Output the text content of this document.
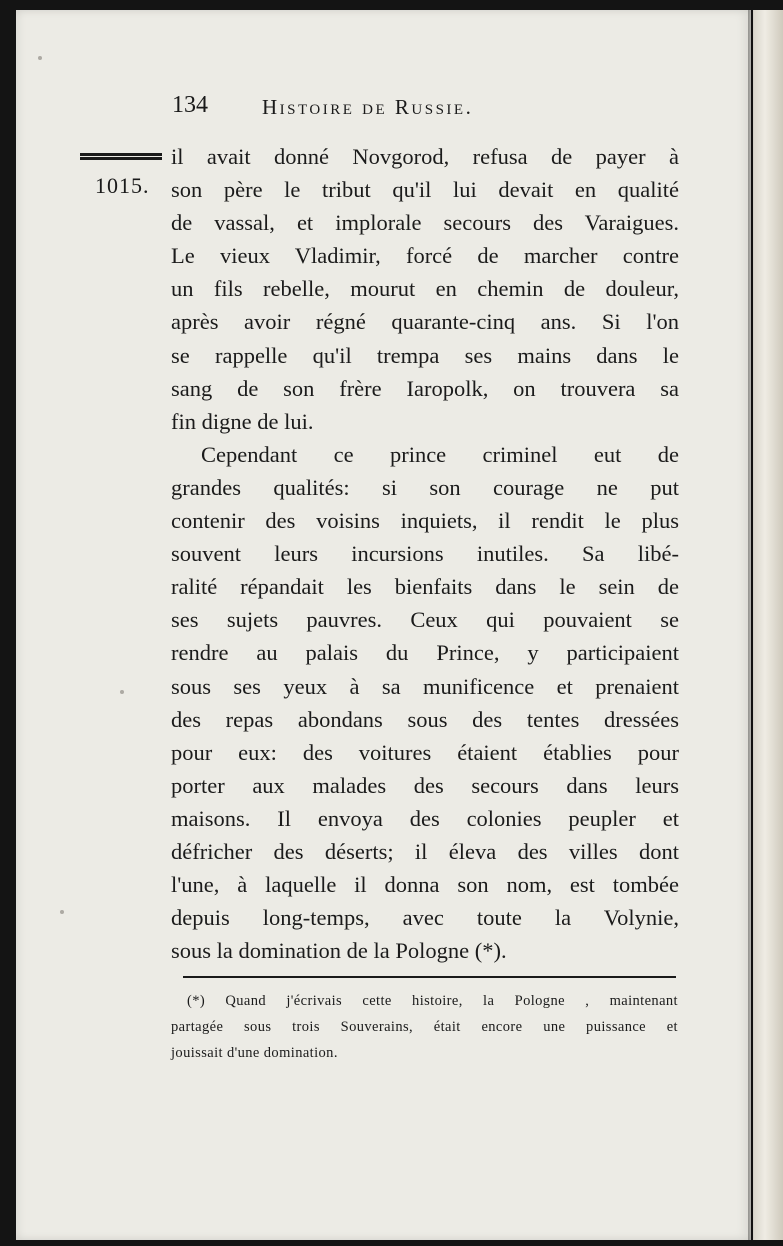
134	Histoire de Russie.
1015.

il avait donné Novgorod, refusa de payer à
son père le tribut qu'il lui devait en qualité
de vassal, et implorale secours des Varaigues.
Le vieux Vladimir, forcé de marcher contre
un fils rebelle, mourut en chemin de douleur,
après avoir régné quarante-cinq ans. Si l'on
se rappelle qu'il trempa ses mains dans le
sang de son frère Iaropolk, on trouvera sa
fin digne de lui.

Cependant ce prince criminel eut de
grandes qualités: si son courage ne put
contenir des voisins inquiets, il rendit le plus
souvent leurs incursions inutiles. Sa libé-
ralité répandait les bienfaits dans le sein de
ses sujets pauvres. Ceux qui pouvaient se
rendre au palais du Prince, y participaient
sous ses yeux à sa munificence et prenaient
des repas abondans sous des tentes dressées
pour eux: des voitures étaient établies pour
porter aux malades des secours dans leurs
maisons. Il envoya des colonies peupler et
défricher des déserts; il éleva des villes dont
l'une, à laquelle il donna son nom, est tombée
depuis long-temps, avec toute la Volynie,
sous la domination de la Pologne (*).

(*) Quand j'écrivais cette histoire, la Pologne , maintenant
partagée sous trois Souverains, était encore une puissance et
jouissait d'une domination.
